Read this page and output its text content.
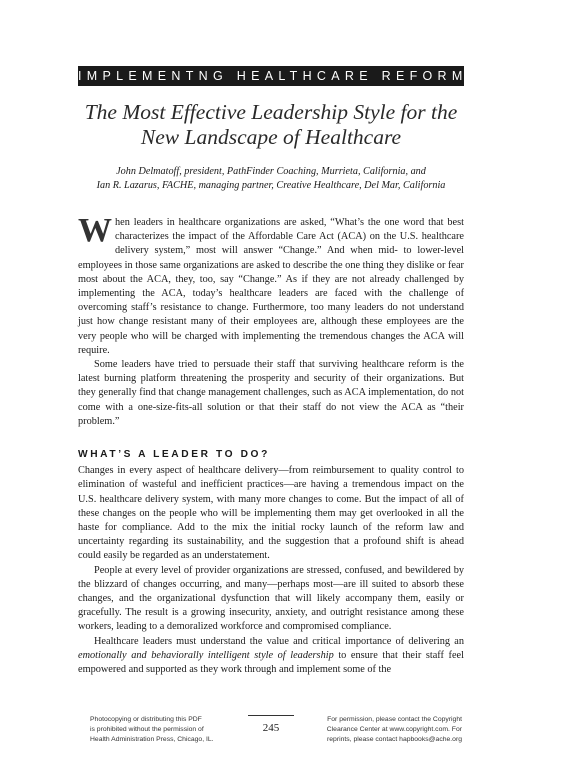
IMPLEMENTNG HEALTHCARE REFORM
The Most Effective Leadership Style for the
New Landscape of Healthcare
John Delmatoff, president, PathFinder Coaching, Murrieta, California, and
Ian R. Lazarus, FACHE, managing partner, Creative Healthcare, Del Mar, California

When leaders in healthcare organizations are asked, “What’s the one word that best characterizes the impact of the Affordable Care Act (ACA) on the U.S. healthcare delivery system,” most will answer “Change.” And when mid- to lower-level employees in those same organizations are asked to describe the one thing they dislike or fear most about the ACA, they, too, say “Change.” As if they are not already challenged by implementing the ACA, today’s healthcare leaders are faced with the challenge of overcoming staff’s resistance to change. Furthermore, too many leaders do not understand just how change resistant many of their employees are, although these employees are the very people who will be charged with implementing the tremendous changes the ACA will require.

Some leaders have tried to persuade their staff that surviving healthcare reform is the latest burning platform threatening the prosperity and security of their organizations. But they generally find that change management challenges, such as ACA implementation, do not come with a one-size-fits-all solution or that their staff do not view the ACA as “their problem.”

WHAT’S A LEADER TO DO?

Changes in every aspect of healthcare delivery—from reimbursement to quality control to elimination of wasteful and inefficient practices—are having a tremendous impact on the U.S. healthcare delivery system, with many more changes to come. But the impact of all of these changes on the people who will be implementing them may get overlooked in all the haste for compliance. Add to the mix the initial rocky launch of the reform law and uncertainty regarding its sustainability, and the suggestion that a profound shift is ahead could easily be regarded as an understatement.

People at every level of provider organizations are stressed, confused, and bewildered by the blizzard of changes occurring, and many—perhaps most—are ill suited to absorb these changes, and the organizational dysfunction that will likely accompany them, easily or gracefully. The result is a growing insecurity, anxiety, and outright resistance among these workers, leading to a demoralized workforce and compromised compliance.

Healthcare leaders must understand the value and critical importance of delivering an emotionally and behaviorally intelligent style of leadership to ensure that their staff feel empowered and supported as they work through and implement some of the

Photocopying or distributing this PDF
is prohibited without the permission of
Health Administration Press, Chicago, IL.
245
For permission, please contact the Copyright
Clearance Center at www.copyright.com. For
reprints, please contact hapbooks@ache.org
